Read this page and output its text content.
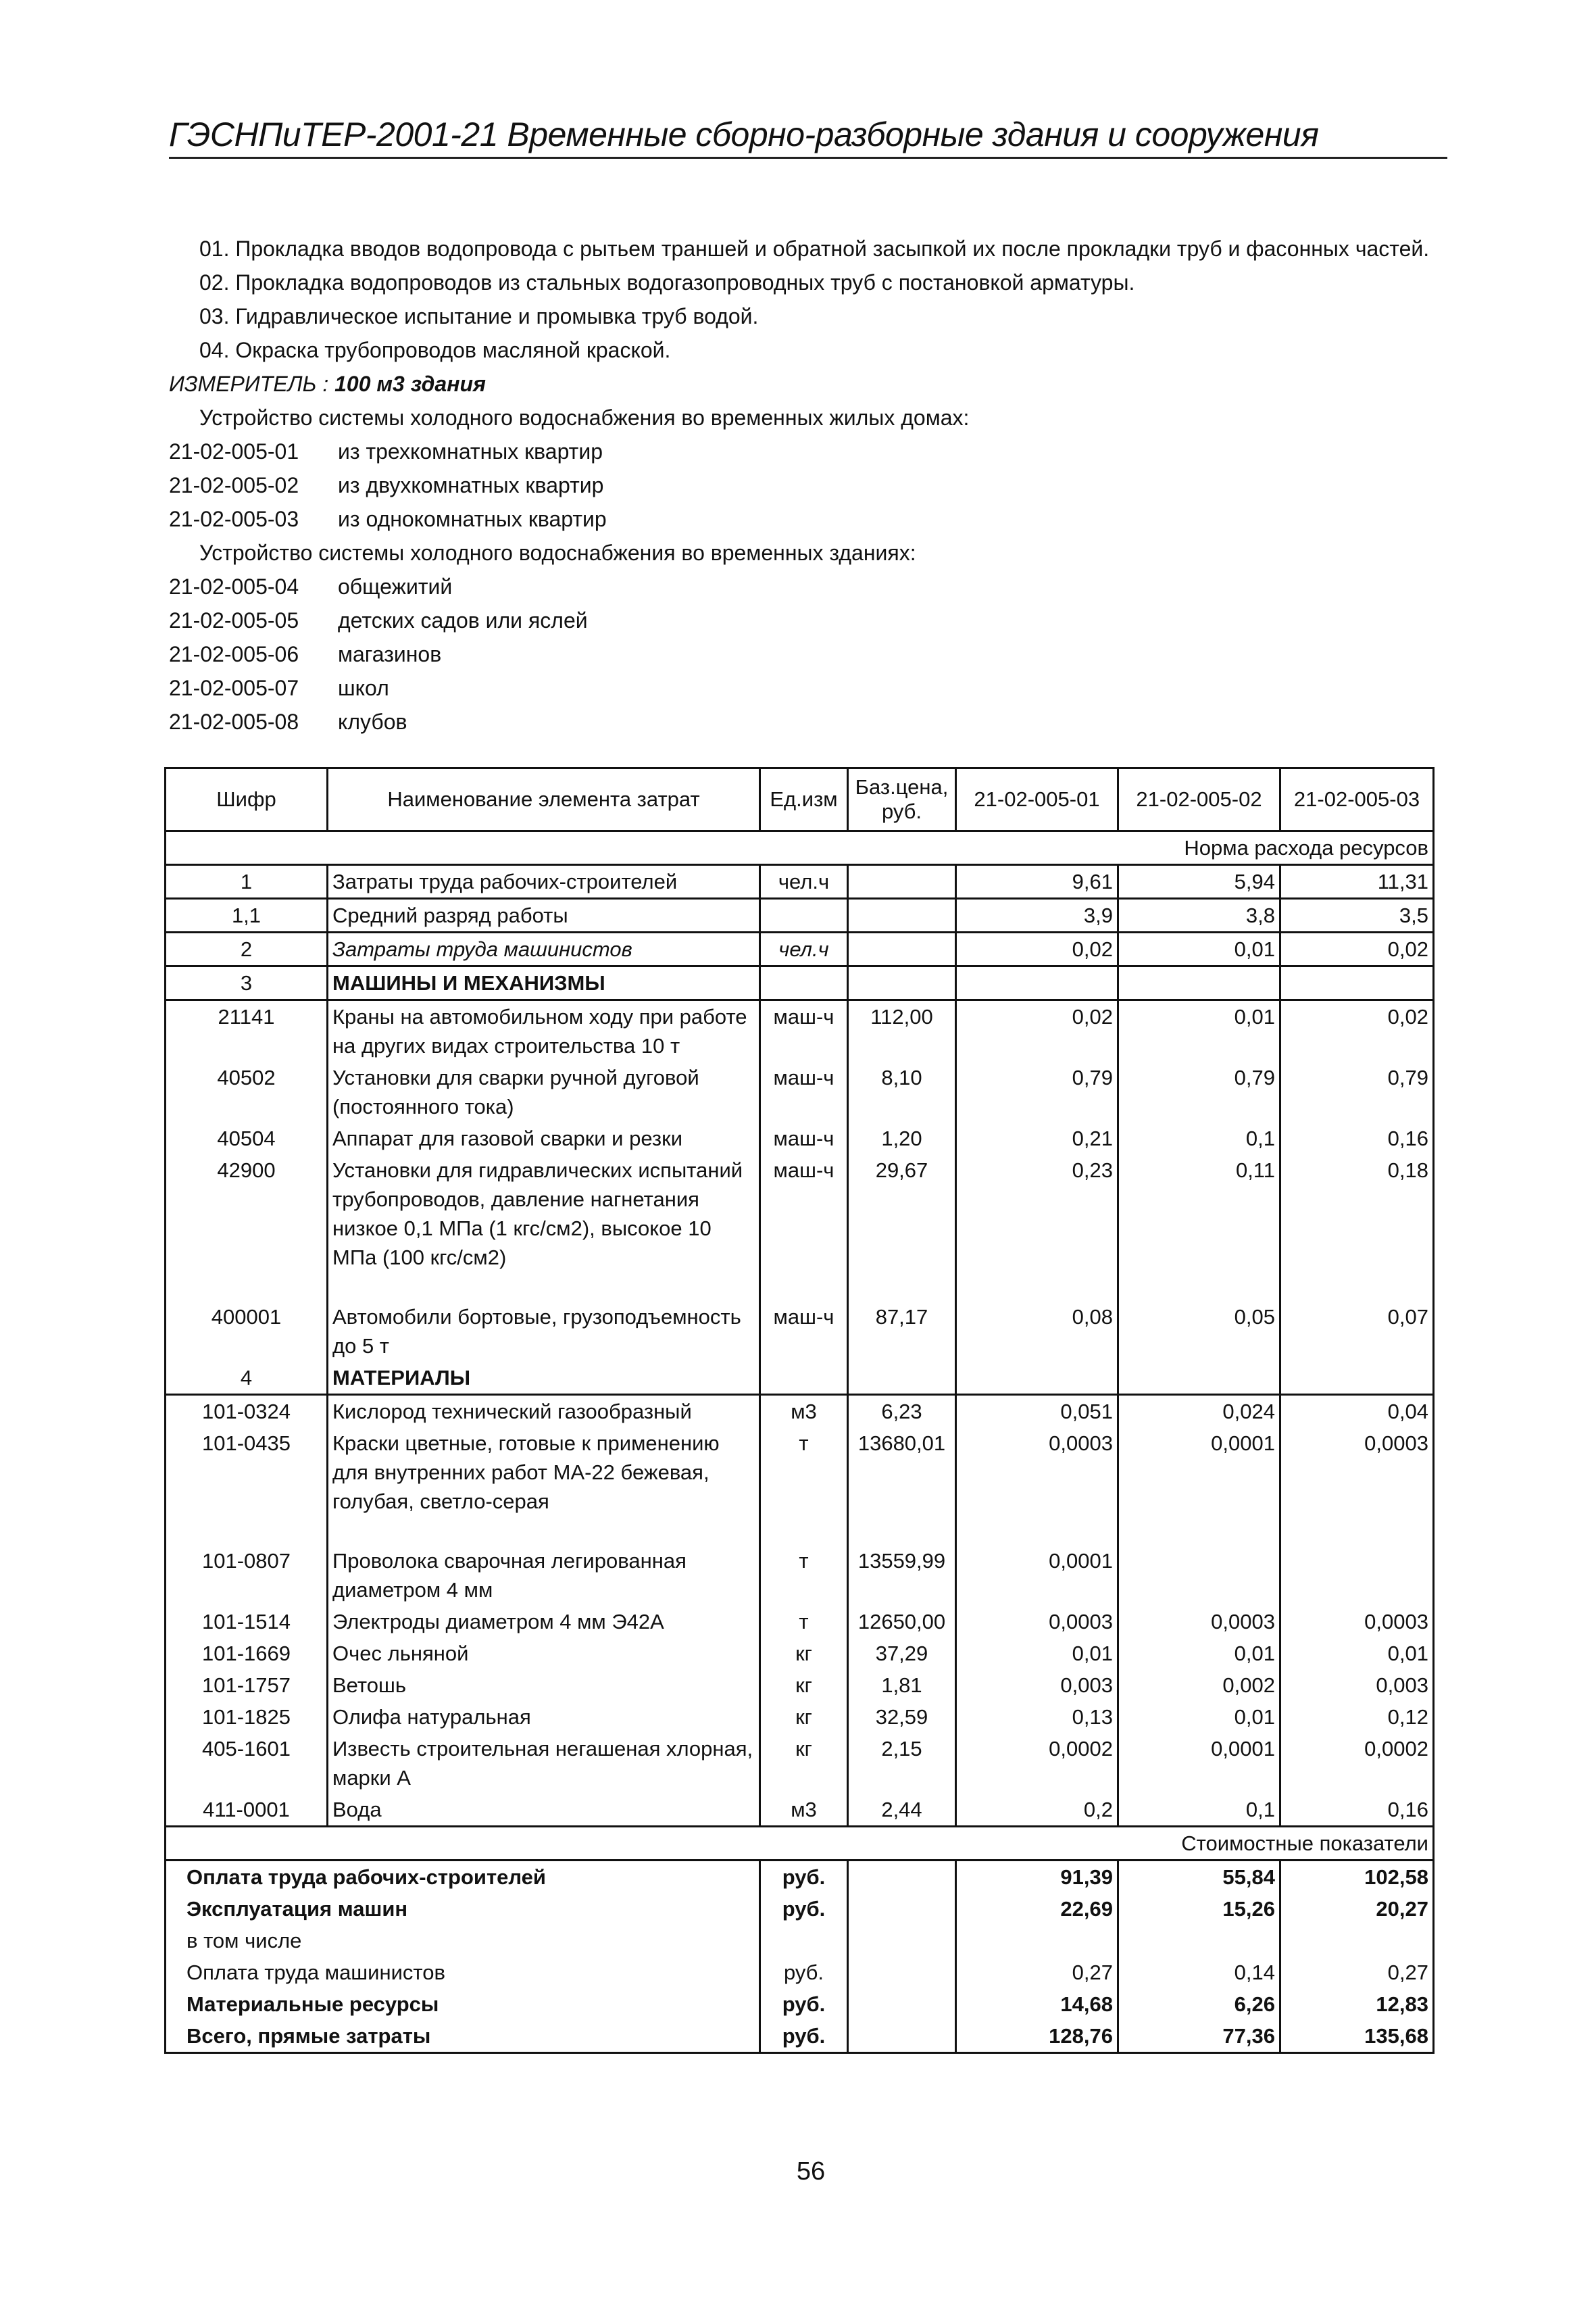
ГЭСНПиТЕР-2001-21 Временные сборно-разборные здания и сооружения
01. Прокладка вводов водопровода с рытьем траншей и обратной засыпкой их после прокладки труб и фасонных частей.
02. Прокладка водопроводов из стальных водогазопроводных труб с постановкой арматуры.
03. Гидравлическое испытание и промывка труб водой.
04. Окраска трубопроводов масляной краской.
ИЗМЕРИТЕЛЬ : 100 м3 здания
Устройство системы холодного водоснабжения во временных жилых домах:
21-02-005-01 из трехкомнатных квартир
21-02-005-02 из двухкомнатных квартир
21-02-005-03 из однокомнатных квартир
Устройство системы холодного водоснабжения во временных зданиях:
21-02-005-04 общежитий
21-02-005-05 детских садов или яслей
21-02-005-06 магазинов
21-02-005-07 школ
21-02-005-08 клубов
Шифр	Наименование элемента затрат	Ед.изм	Баз.цена, руб.	21-02-005-01	21-02-005-02	21-02-005-03
Норма расхода ресурсов						
1	Затраты труда рабочих-строителей	чел.ч		9,61	5,94	11,31
1,1	Средний разряд работы			3,9	3,8	3,5
2	Затраты труда машинистов	чел.ч		0,02	0,01	0,02
3	МАШИНЫ И МЕХАНИЗМЫ					
21141	Краны на автомобильном ходу при работе на других видах строительства 10 т	маш-ч	112,00	0,02	0,01	0,02
40502	Установки для сварки ручной дуговой (постоянного тока)	маш-ч	8,10	0,79	0,79	0,79
40504	Аппарат для газовой сварки и резки	маш-ч	1,20	0,21	0,1	0,16
42900	Установки для гидравлических испытаний трубопроводов, давление нагнетания низкое 0,1 МПа (1 кгс/см2), высокое 10 МПа (100 кгс/см2)	маш-ч	29,67	0,23	0,11	0,18
400001	Автомобили бортовые, грузоподъемность до 5 т	маш-ч	87,17	0,08	0,05	0,07
4	МАТЕРИАЛЫ					
101-0324	Кислород технический газообразный	м3	6,23	0,051	0,024	0,04
101-0435	Краски цветные, готовые к применению для внутренних работ МА-22 бежевая, голубая, светло-серая	т	13680,01	0,0003	0,0001	0,0003
101-0807	Проволока сварочная легированная диаметром 4 мм	т	13559,99	0,0001		
101-1514	Электроды диаметром 4 мм Э42А	т	12650,00	0,0003	0,0003	0,0003
101-1669	Очес льняной	кг	37,29	0,01	0,01	0,01
101-1757	Ветошь	кг	1,81	0,003	0,002	0,003
101-1825	Олифа натуральная	кг	32,59	0,13	0,01	0,12
405-1601	Известь строительная негашеная хлорная, марки А	кг	2,15	0,0002	0,0001	0,0002
411-0001	Вода	м3	2,44	0,2	0,1	0,16
Стоимостные показатели						
Оплата труда рабочих-строителей		руб.		91,39	55,84	102,58
Эксплуатация машин		руб.		22,69	15,26	20,27
в том числе						
Оплата труда машинистов		руб.		0,27	0,14	0,27
Материальные ресурсы		руб.		14,68	6,26	12,83
Всего, прямые затраты		руб.		128,76	77,36	135,68
56
